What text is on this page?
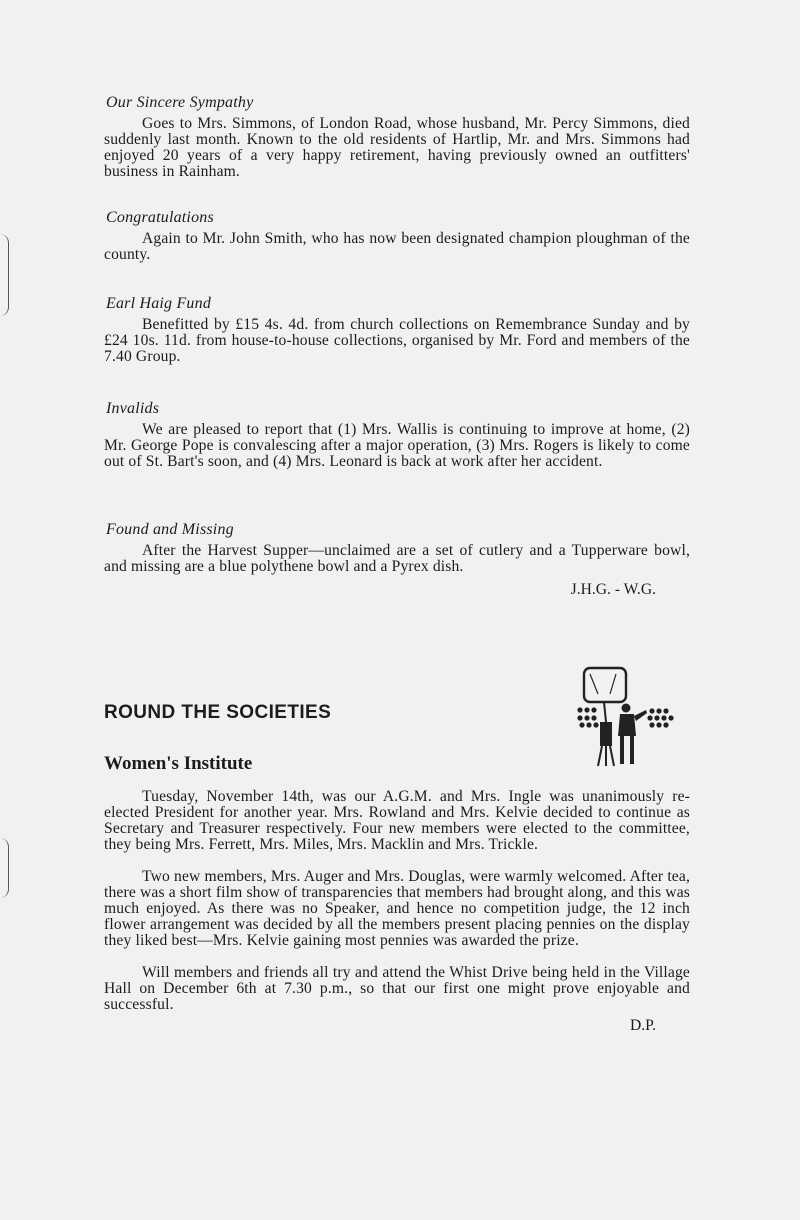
Our Sincere Sympathy

Goes to Mrs. Simmons, of London Road, whose husband, Mr. Percy Simmons, died suddenly last month. Known to the old residents of Hartlip, Mr. and Mrs. Simmons had enjoyed 20 years of a very happy retirement, having previously owned an outfitters' business in Rainham.

Congratulations

Again to Mr. John Smith, who has now been designated champion ploughman of the county.

Earl Haig Fund

Benefitted by £15 4s. 4d. from church collections on Remembrance Sunday and by £24 10s. 11d. from house-to-house collections, organised by Mr. Ford and members of the 7.40 Group.

Invalids

We are pleased to report that (1) Mrs. Wallis is continuing to improve at home, (2) Mr. George Pope is convalescing after a major operation, (3) Mrs. Rogers is likely to come out of St. Bart's soon, and (4) Mrs. Leonard is back at work after her accident.

Found and Missing

After the Harvest Supper—unclaimed are a set of cutlery and a Tupperware bowl, and missing are a blue polythene bowl and a Pyrex dish.

J.H.G. - W.G.

ROUND THE SOCIETIES

Women's Institute

Tuesday, November 14th, was our A.G.M. and Mrs. Ingle was unanimously re-elected President for another year. Mrs. Rowland and Mrs. Kelvie decided to continue as Secretary and Treasurer respectively. Four new members were elected to the committee, they being Mrs. Ferrett, Mrs. Miles, Mrs. Macklin and Mrs. Trickle.

Two new members, Mrs. Auger and Mrs. Douglas, were warmly welcomed. After tea, there was a short film show of transparencies that members had brought along, and this was much enjoyed. As there was no Speaker, and hence no competition judge, the 12 inch flower arrangement was decided by all the members present placing pennies on the display they liked best—Mrs. Kelvie gaining most pennies was awarded the prize.

Will members and friends all try and attend the Whist Drive being held in the Village Hall on December 6th at 7.30 p.m., so that our first one might prove enjoyable and successful.

D.P.
